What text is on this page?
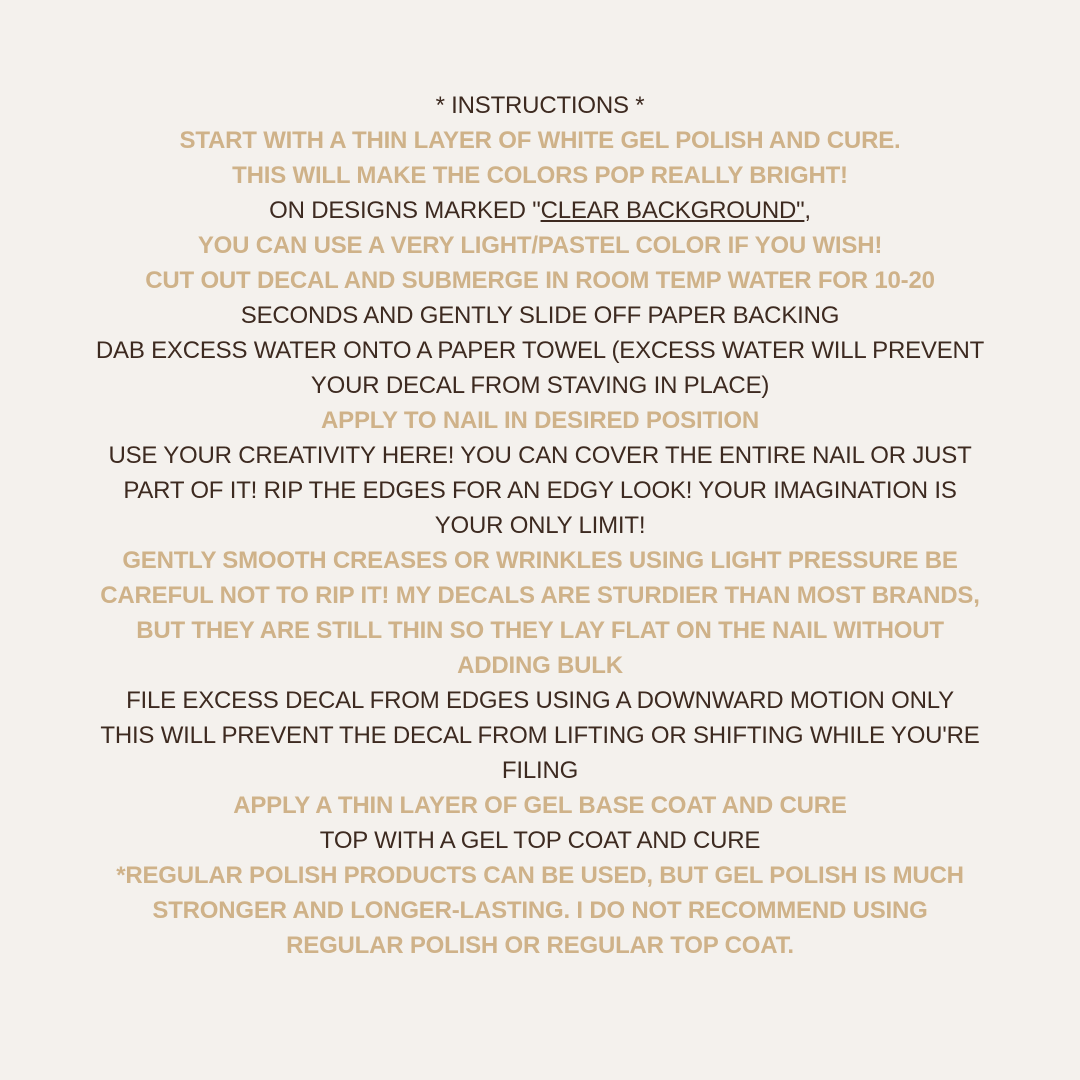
* INSTRUCTIONS *
START WITH A THIN LAYER OF WHITE GEL POLISH AND CURE.
THIS WILL MAKE THE COLORS POP REALLY BRIGHT!
ON DESIGNS MARKED "CLEAR BACKGROUND",
YOU CAN USE A VERY LIGHT/PASTEL COLOR IF YOU WISH!
CUT OUT DECAL AND SUBMERGE IN ROOM TEMP WATER FOR 10-20
SECONDS AND GENTLY SLIDE OFF PAPER BACKING
DAB EXCESS WATER ONTO A PAPER TOWEL (EXCESS WATER WILL PREVENT
YOUR DECAL FROM STAVING IN PLACE)
APPLY TO NAIL IN DESIRED POSITION
USE YOUR CREATIVITY HERE! YOU CAN COVER THE ENTIRE NAIL OR JUST
PART OF IT! RIP THE EDGES FOR AN EDGY LOOK! YOUR IMAGINATION IS
YOUR ONLY LIMIT!
GENTLY SMOOTH CREASES OR WRINKLES USING LIGHT PRESSURE BE
CAREFUL NOT TO RIP IT! MY DECALS ARE STURDIER THAN MOST BRANDS,
BUT THEY ARE STILL THIN SO THEY LAY FLAT ON THE NAIL WITHOUT
ADDING BULK
FILE EXCESS DECAL FROM EDGES USING A DOWNWARD MOTION ONLY
THIS WILL PREVENT THE DECAL FROM LIFTING OR SHIFTING WHILE YOU'RE
FILING
APPLY A THIN LAYER OF GEL BASE COAT AND CURE
TOP WITH A GEL TOP COAT AND CURE
*REGULAR POLISH PRODUCTS CAN BE USED, BUT GEL POLISH IS MUCH
STRONGER AND LONGER-LASTING. I DO NOT RECOMMEND USING
REGULAR POLISH OR REGULAR TOP COAT.
